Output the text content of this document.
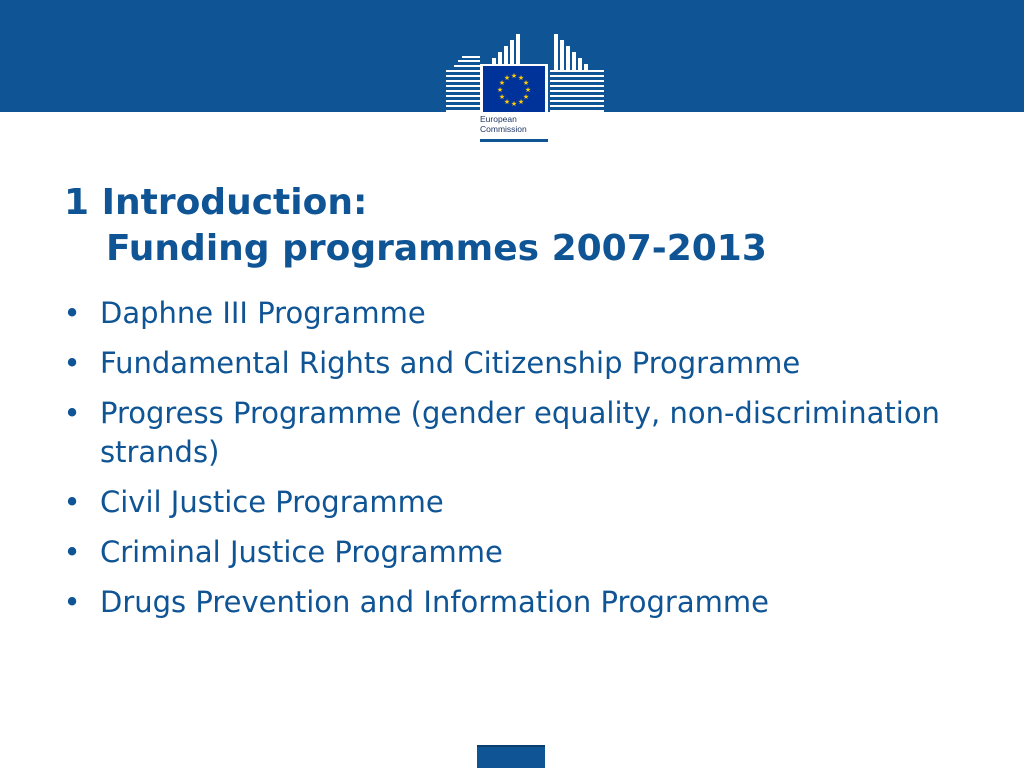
★ ★
★
★
★
★
★
★
★
★
★
★
European
Commission
1 Introduction:
Funding programmes 2007-2013
• Daphne III Programme
• Fundamental Rights and Citizenship Programme
• Progress Programme (gender equality, non-discrimination strands)
• Civil Justice Programme
• Criminal Justice Programme
• Drugs Prevention and Information Programme
